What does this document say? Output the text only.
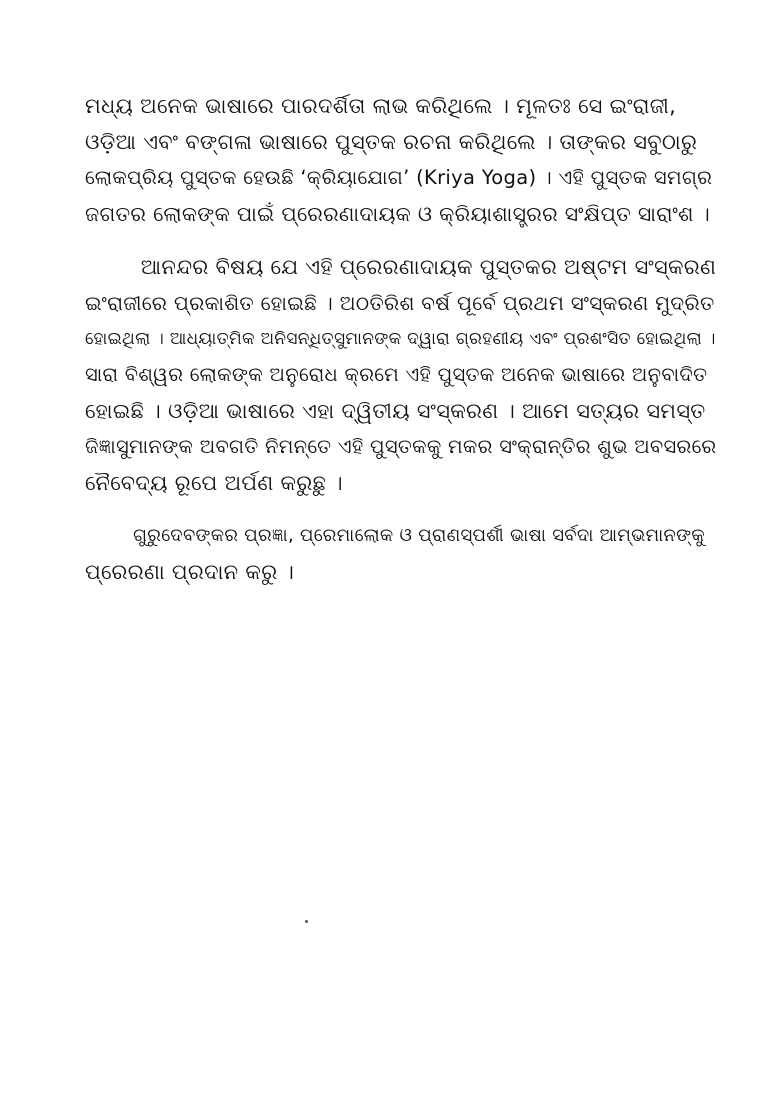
ମଧ୍ୟ ଅନେକ ଭାଷାରେ ପାରଦର୍ଶିତା ଲାଭ କରିଥିଲେ । ମୂଳତଃ ସେ ଇଂରାଜୀ,
ଓଡ଼ିଆ ଏବଂ ବଙ୍ଗଳା ଭାଷାରେ ପୁସ୍ତକ ରଚନା କରିଥିଲେ । ତାଙ୍କର ସବୁଠାରୁ
ଲୋକପ୍ରିୟ ପୁସ୍ତକ ହେଉଛି ‘କ୍ରିୟାଯୋଗ’ (Kriya Yoga) । ଏହି ପୁସ୍ତକ ସମଗ୍ର
ଜଗତର ଲୋକଙ୍କ ପାଇଁ ପ୍ରେରଣାଦାୟକ ଓ କ୍ରିୟାଶାସ୍ତ୍ରର ସଂକ୍ଷିପ୍ତ ସାରାଂଶ ।

ଆନନ୍ଦର ବିଷୟ ଯେ ଏହି ପ୍ରେରଣାଦାୟକ ପୁସ୍ତକର ଅଷ୍ଟମ ସଂସ୍କରଣ
ଇଂରାଜୀରେ ପ୍ରକାଶିତ ହୋଇଛି । ଅଠତିରିଶ ବର୍ଷ ପୂର୍ବେ ପ୍ରଥମ ସଂସ୍କରଣ ମୁଦ୍ରିତ
ହୋଇଥିଲା । ଆଧ୍ୟାତ୍ମିକ ଅନିସନ୍ଧିତ୍ସୁମାନଙ୍କ ଦ୍ୱାରା ଗ୍ରହଣୀୟ ଏବଂ ପ୍ରଶଂସିତ ହୋଇଥିଲା ।
ସାରା ବିଶ୍ୱର ଲୋକଙ୍କ ଅନୁରୋଧ କ୍ରମେ ଏହି ପୁସ୍ତକ ଅନେକ ଭାଷାରେ ଅନୁବାଦିତ
ହୋଇଛି । ଓଡ଼ିଆ ଭାଷାରେ ଏହା ଦ୍ୱିତୀୟ ସଂସ୍କରଣ । ଆମେ ସତ୍ୟର ସମସ୍ତ
ଜିଜ୍ଞାସୁମାନଙ୍କ ଅବଗତି ନିମନ୍ତେ ଏହି ପୁସ୍ତକକୁ ମକର ସଂକ୍ରାନ୍ତିର ଶୁଭ ଅବସରରେ
ନୈବେଦ୍ୟ ରୂପେ ଅର୍ପଣ କରୁଛୁ ।

ଗୁରୁଦେବଙ୍କର ପ୍ରଜ୍ଞା, ପ୍ରେମାଲୋକ ଓ ପ୍ରାଣସ୍ପର୍ଶୀ ଭାଷା ସର୍ବଦା ଆମ୍ଭମାନଙ୍କୁ
ପ୍ରେରଣା ପ୍ରଦାନ କରୁ ।
